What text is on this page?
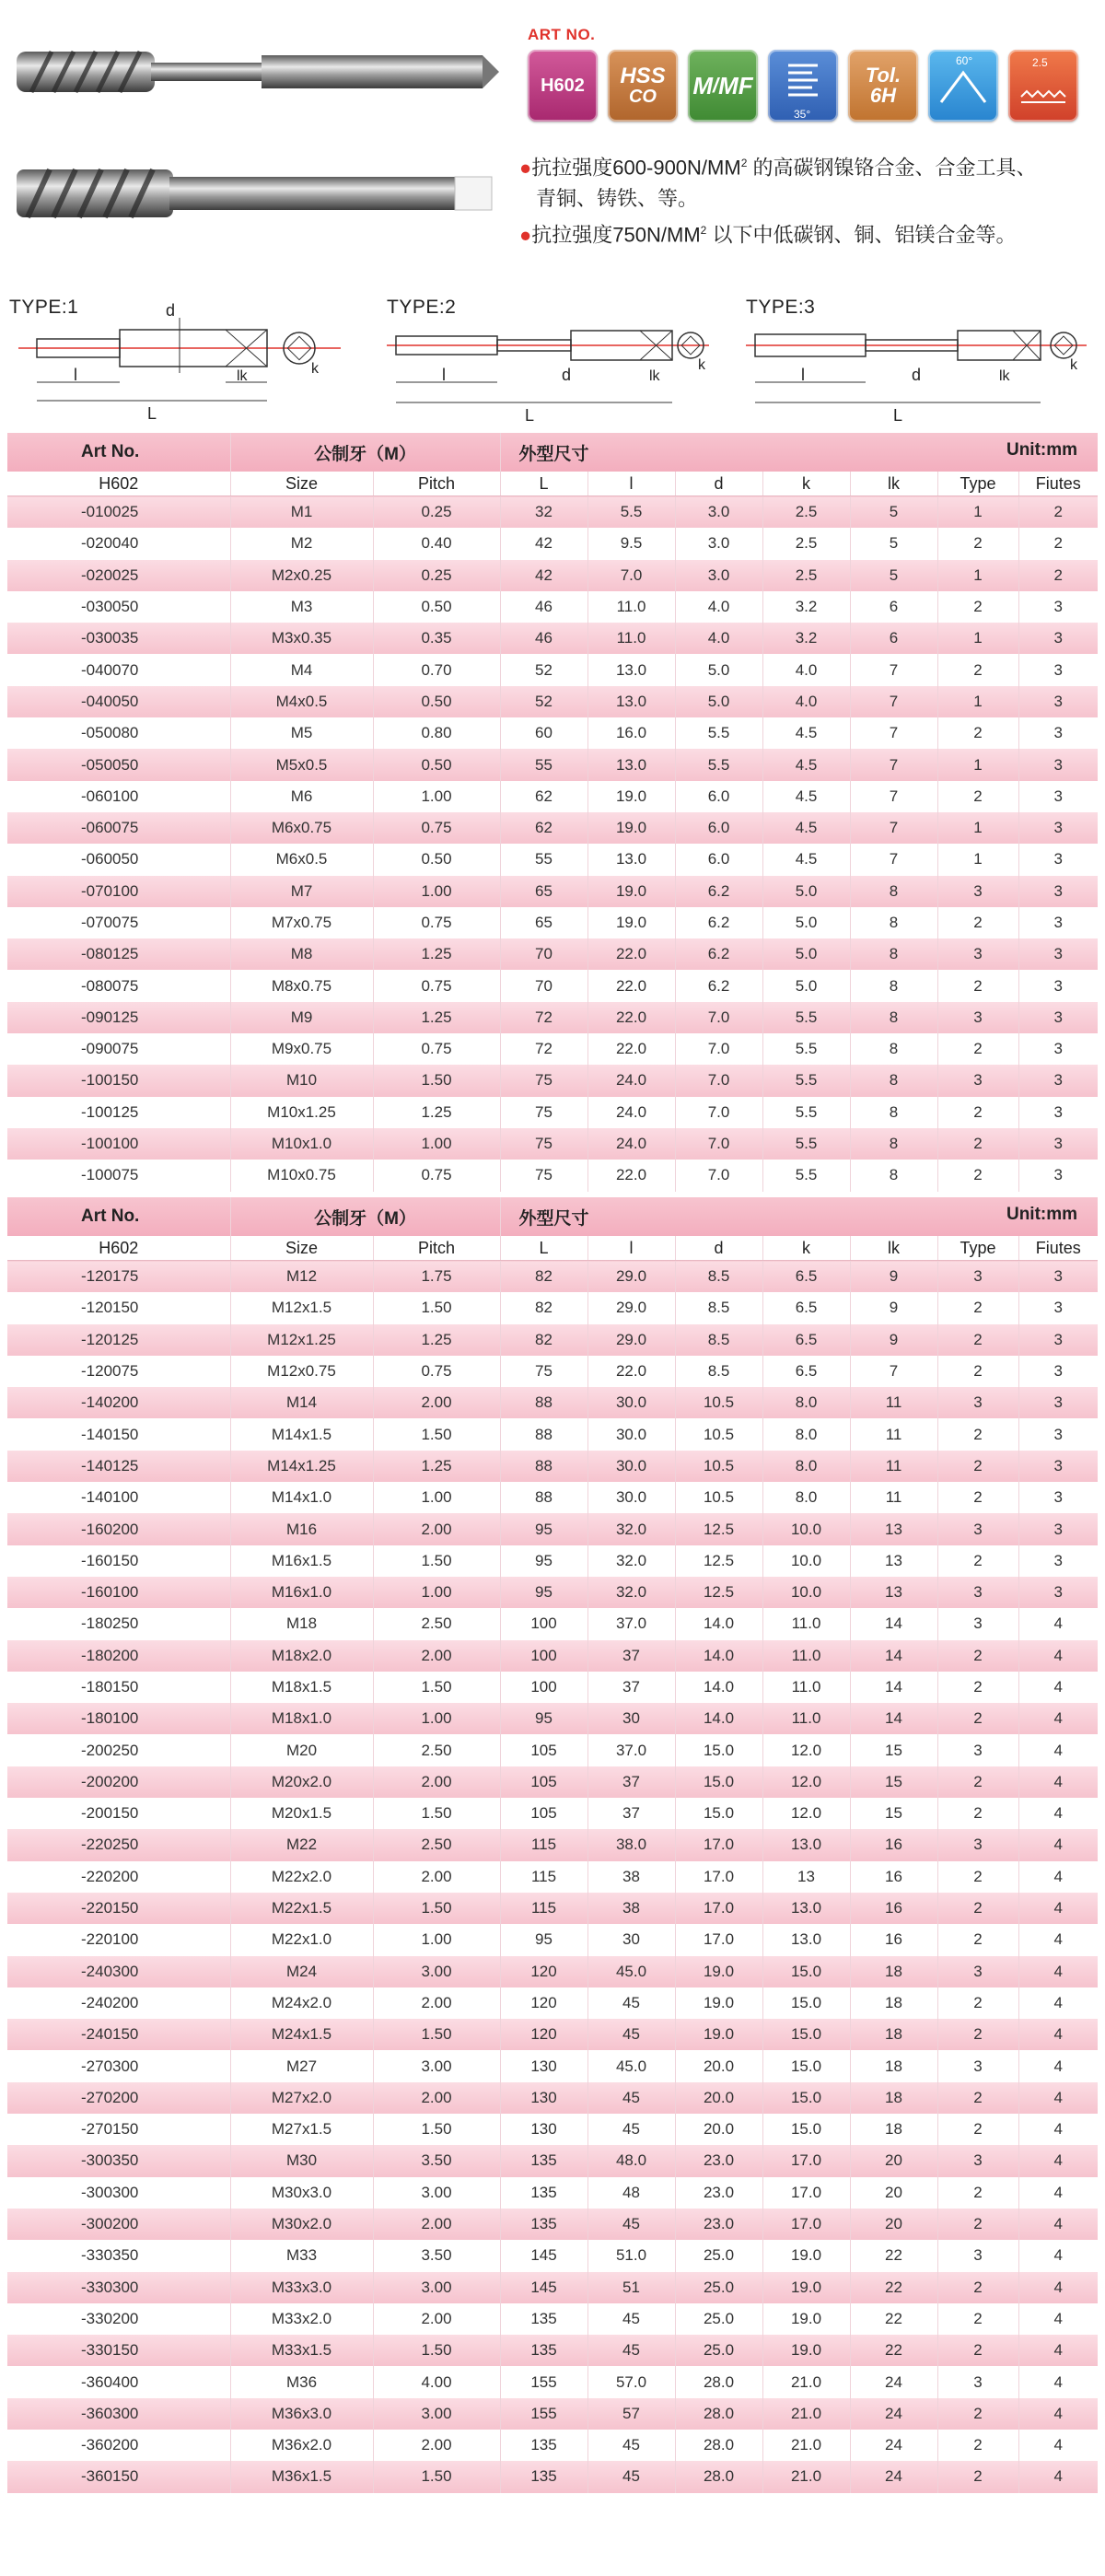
ART NO.
H602	HSS
CO	M / MF
35°
Tol.
6H
60°	2.5
●抗拉强度$600-900N/MM^2$ 的高碳钢镍铬合金、合金工具、
青铜、铸铁、等。
●抗拉强度$750N/MM^2$ 以下中低碳钢、铜、铝镁合金等。
TYPE:1	TYPE:2	TYPE:3
d
l
L
lk	k	l
L
d	lk
k
l
L
d	lk
k
Art No.	公制牙（M）		外型尺寸 Unit:mm						

H602	Size	Pitch	L	l	d	k	lk	Type	Fiutes
-010025	M1	0.25	32	5.5	3.0	2.5	5	1	2
-020040	M2	0.40	42	9.5	3.0	2.5	5	2	2
-020025	M2x0.25	0.25	42	7.0	3.0	2.5	5	1	2
-030050	M3	0.50	46	11.0	4.0	3.2	6	2	3
-030035	M3x0.35	0.35	46	11.0	4.0	3.2	6	1	3
-040070	M4	0.70	52	13.0	5.0	4.0	7	2	3
-040050	M4x0.5	0.50	52	13.0	5.0	4.0	7	1	3
-050080	M5	0.80	60	16.0	5.5	4.5	7	2	3
-050050	M5x0.5	0.50	55	13.0	5.5	4.5	7	1	3
-060100	M6	1.00	62	19.0	6.0	4.5	7	2	3
-060075	M6x0.75	0.75	62	19.0	6.0	4.5	7	1	3
-060050	M6x0.5	0.50	55	13.0	6.0	4.5	7	1	3
-070100	M7	1.00	65	19.0	6.2	5.0	8	3	3
-070075	M7x0.75	0.75	65	19.0	6.2	5.0	8	2	3
-080125	M8	1.25	70	22.0	6.2	5.0	8	3	3
-080075	M8x0.75	0.75	70	22.0	6.2	5.0	8	2	3
-090125	M9	1.25	72	22.0	7.0	5.5	8	3	3
-090075	M9x0.75	0.75	72	22.0	7.0	5.5	8	2	3
-100150	M10	1.50	75	24.0	7.0	5.5	8	3	3
-100125	M10x1.25	1.25	75	24.0	7.0	5.5	8	2	3
-100100	M10x1.0	1.00	75	24.0	7.0	5.5	8	2	3
-100075	M10x0.75	0.75	75	22.0	7.0	5.5	8	2	3
Art No.	公制牙（M）		外型尺寸 Unit:mm						

H602	Size	Pitch	L	l	d	k	lk	Type	Fiutes
-120175	M12	1.75	82	29.0	8.5	6.5	9	3	3
-120150	M12x1.5	1.50	82	29.0	8.5	6.5	9	2	3
-120125	M12x1.25	1.25	82	29.0	8.5	6.5	9	2	3
-120075	M12x0.75	0.75	75	22.0	8.5	6.5	7	2	3
-140200	M14	2.00	88	30.0	10.5	8.0	11	3	3
-140150	M14x1.5	1.50	88	30.0	10.5	8.0	11	2	3
-140125	M14x1.25	1.25	88	30.0	10.5	8.0	11	2	3
-140100	M14x1.0	1.00	88	30.0	10.5	8.0	11	2	3
-160200	M16	2.00	95	32.0	12.5	10.0	13	3	3
-160150	M16x1.5	1.50	95	32.0	12.5	10.0	13	2	3
-160100	M16x1.0	1.00	95	32.0	12.5	10.0	13	3	3
-180250	M18	2.50	100	37.0	14.0	11.0	14	3	4
-180200	M18x2.0	2.00	100	37	14.0	11.0	14	2	4
-180150	M18x1.5	1.50	100	37	14.0	11.0	14	2	4
-180100	M18x1.0	1.00	95	30	14.0	11.0	14	2	4
-200250	M20	2.50	105	37.0	15.0	12.0	15	3	4
-200200	M20x2.0	2.00	105	37	15.0	12.0	15	2	4
-200150	M20x1.5	1.50	105	37	15.0	12.0	15	2	4
-220250	M22	2.50	115	38.0	17.0	13.0	16	3	4
-220200	M22x2.0	2.00	115	38	17.0	13	16	2	4
-220150	M22x1.5	1.50	115	38	17.0	13.0	16	2	4
-220100	M22x1.0	1.00	95	30	17.0	13.0	16	2	4
-240300	M24	3.00	120	45.0	19.0	15.0	18	3	4
-240200	M24x2.0	2.00	120	45	19.0	15.0	18	2	4
-240150	M24x1.5	1.50	120	45	19.0	15.0	18	2	4
-270300	M27	3.00	130	45.0	20.0	15.0	18	3	4
-270200	M27x2.0	2.00	130	45	20.0	15.0	18	2	4
-270150	M27x1.5	1.50	130	45	20.0	15.0	18	2	4
-300350	M30	3.50	135	48.0	23.0	17.0	20	3	4
-300300	M30x3.0	3.00	135	48	23.0	17.0	20	2	4
-300200	M30x2.0	2.00	135	45	23.0	17.0	20	2	4
-330350	M33	3.50	145	51.0	25.0	19.0	22	3	4
-330300	M33x3.0	3.00	145	51	25.0	19.0	22	2	4
-330200	M33x2.0	2.00	135	45	25.0	19.0	22	2	4
-330150	M33x1.5	1.50	135	45	25.0	19.0	22	2	4
-360400	M36	4.00	155	57.0	28.0	21.0	24	3	4
-360300	M36x3.0	3.00	155	57	28.0	21.0	24	2	4
-360200	M36x2.0	2.00	135	45	28.0	21.0	24	2	4
-360150	M36x1.5	1.50	135	45	28.0	21.0	24	2	4
